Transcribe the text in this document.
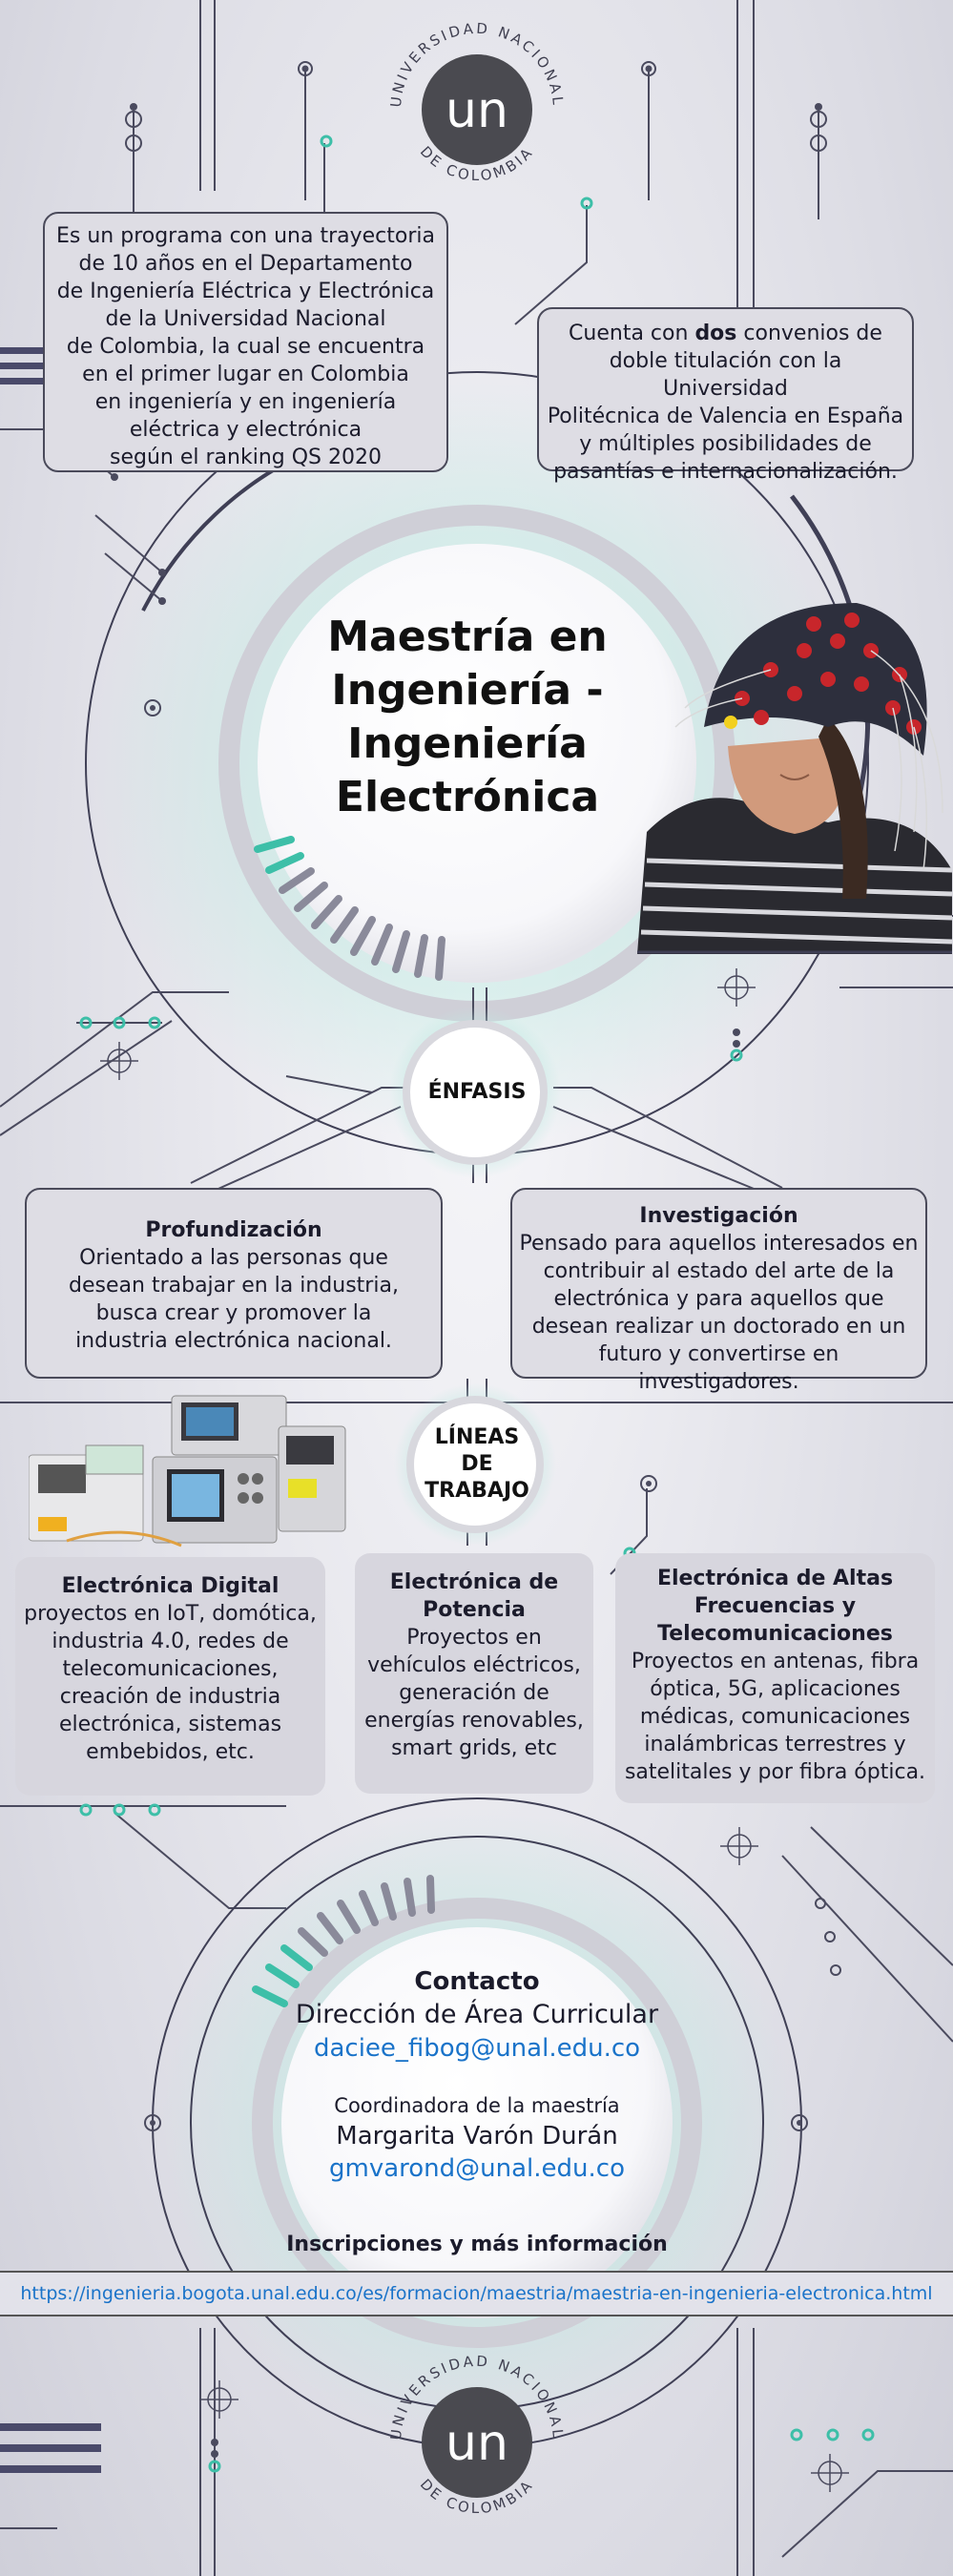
UNIVERSIDAD NACIONAL
DE COLOMBIA
un
Es un programa con una trayectoria
de 10 años en el Departamento
de Ingeniería Eléctrica y Electrónica
de la Universidad Nacional
de Colombia, la cual se encuentra
en el primer lugar en Colombia
en ingeniería y en ingeniería
eléctrica y electrónica
según el ranking QS 2020
Cuenta con dos convenios de
doble titulación con la Universidad
Politécnica de Valencia en España
y múltiples posibilidades de
pasantías e internacionalización.
Maestría en
Ingeniería -
Ingeniería
Electrónica
ÉNFASIS
Profundización
Orientado a las personas que
desean trabajar en la industria,
busca crear y promover la
industria electrónica nacional.
Investigación
Pensado para aquellos interesados en
contribuir al estado del arte de la
electrónica y para aquellos que
desean realizar un doctorado en un
futuro y convertirse en investigadores.
LÍNEAS
DE
TRABAJO
Electrónica Digital
proyectos en IoT, domótica,
industria 4.0, redes de
telecomunicaciones,
creación de industria
electrónica, sistemas
embebidos, etc.
Electrónica de
Potencia
Proyectos en
vehículos eléctricos,
generación de
energías renovables,
smart grids, etc
Electrónica de Altas
Frecuencias y
Telecomunicaciones
Proyectos en antenas, fibra
óptica, 5G, aplicaciones
médicas, comunicaciones
inalámbricas terrestres y
satelitales y por fibra óptica.
Contacto
Dirección de Área Curricular
daciee_fibog@unal.edu.co
Coordinadora de la maestría
Margarita Varón Durán
gmvarond@unal.edu.co
Inscripciones y más información
https://ingenieria.bogota.unal.edu.co/es/formacion/maestria/maestria-en-ingenieria-electronica.html
UNIVERSIDAD NACIONAL
DE COLOMBIA
un
